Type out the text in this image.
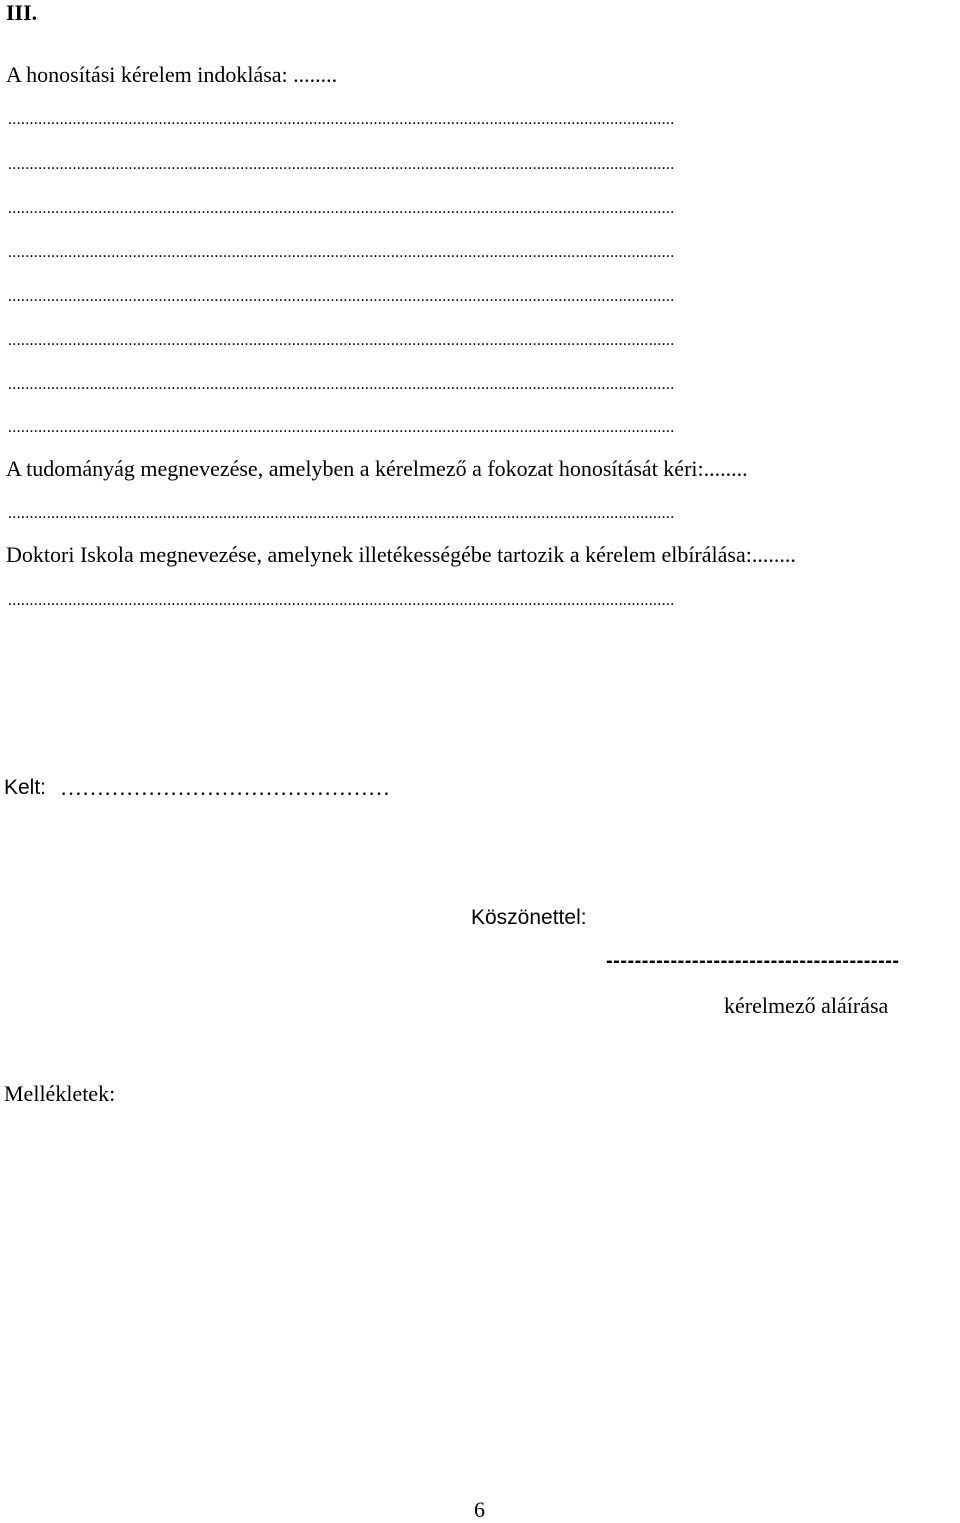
III.
A honosítási kérelem indoklása: ........
...........................................................................................................................................................
...........................................................................................................................................................
...........................................................................................................................................................
...........................................................................................................................................................
...........................................................................................................................................................
...........................................................................................................................................................
...........................................................................................................................................................
...........................................................................................................................................................
A tudományág megnevezése, amelyben a kérelmező a fokozat honosítását kéri:........
...........................................................................................................................................................
Doktori Iskola megnevezése, amelynek illetékességébe tartozik a kérelem elbírálása:........
...........................................................................................................................................................
Kelt: ………………………………………
Köszönettel:
-----------------------------------------
kérelmező aláírása
Mellékletek:
6
